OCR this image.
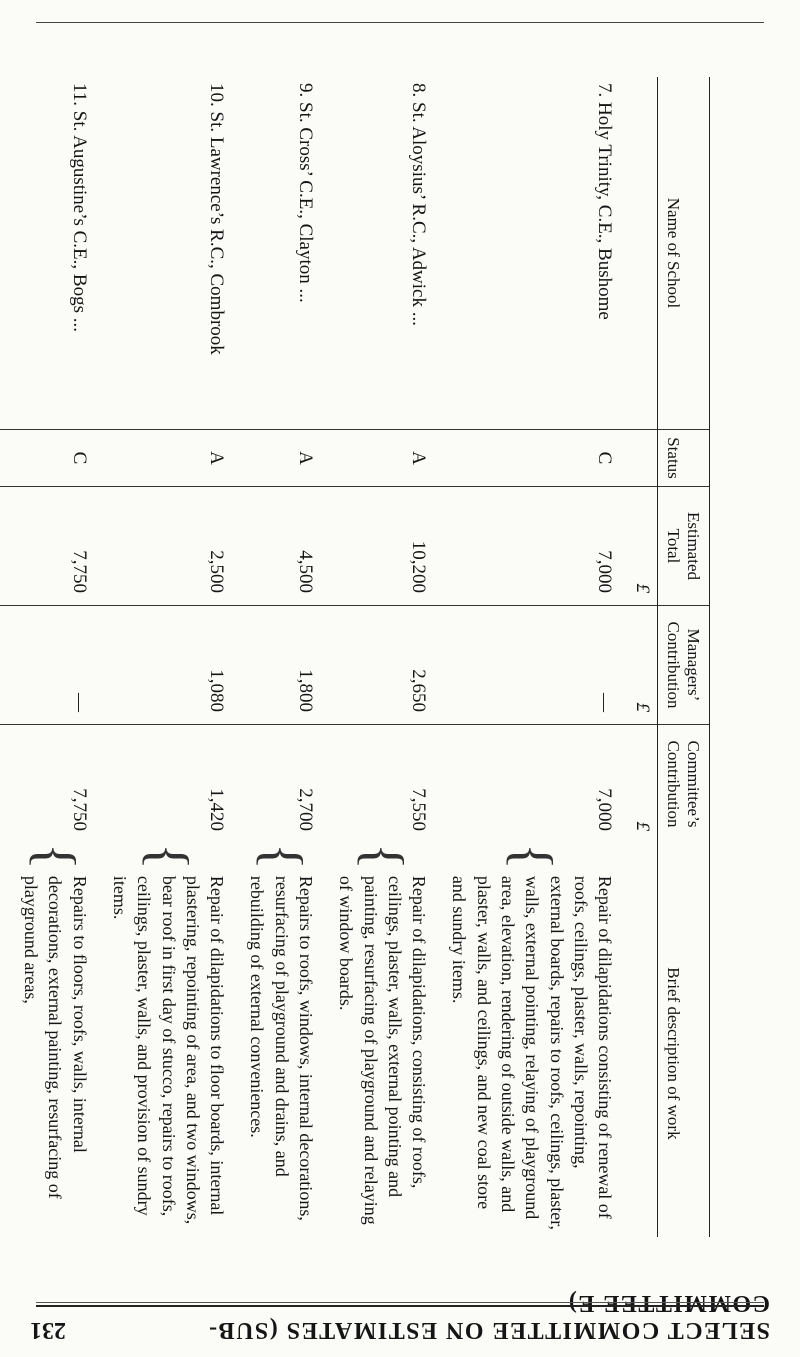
SELECT COMMITTEE ON ESTIMATES (SUB-COMMITTEE E)
231
Name of School	Status	Estimated Total	Managers’ Contribution	Committee’s Contribution		Brief description of work
		£	£	£		
7. Holy Trinity, C.E., Bushome	C	7,000	—	7,000	{	Repair of dilapidations consisting of renewal of roofs, ceilings, plaster, walls, repointing, external boards, repairs to roofs, ceilings, plaster, walls, external pointing, relaying of playground area, elevation, rendering of outside walls, and plaster, walls, and ceilings, and new coal store and sundry items.
8. St. Aloysius’ R.C., Adwick ...	A	10,200	2,650	7,550	{	Repair of dilapidations, consisting of roofs, ceilings, plaster, walls, external pointing and painting, resurfacing of playground and relaying of window boards.
9. St. Cross’ C.E., Clayton ...	A	4,500	1,800	2,700	{	Repairs to roofs, windows, internal decorations, resurfacing of playground and drains, and rebuilding of external conveniences.
10. St. Lawrence’s R.C., Combrook	A	2,500	1,080	1,420	{	Repair of dilapidations to floor boards, internal plastering, repointing of area, and two windows, bear roof in first day of stucco, repairs to roofs, ceilings, plaster, walls, and provision of sundry items.
11. St. Augustine’s C.E., Bogs ...	C	7,750	—	7,750	{	Repairs to floors, roofs, walls, internal decorations, external painting, resurfacing of playground areas,
